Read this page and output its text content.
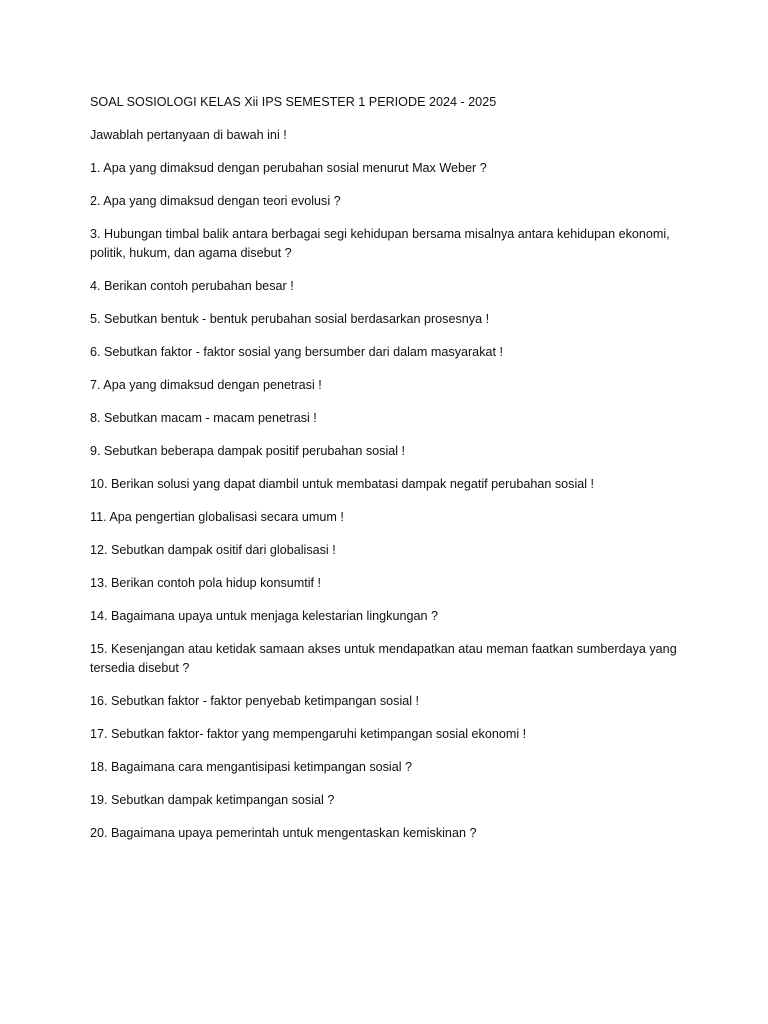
SOAL SOSIOLOGI KELAS Xii IPS SEMESTER 1 PERIODE 2024 - 2025

Jawablah pertanyaan di bawah ini !

1. Apa yang dimaksud dengan perubahan sosial menurut Max Weber ?

2. Apa yang dimaksud dengan teori evolusi ?

3. Hubungan timbal balik antara berbagai segi kehidupan bersama misalnya antara kehidupan ekonomi, politik, hukum, dan agama disebut ?

4. Berikan contoh perubahan besar !

5. Sebutkan bentuk - bentuk perubahan sosial berdasarkan prosesnya !

6. Sebutkan faktor - faktor sosial yang bersumber dari dalam masyarakat !

7. Apa yang dimaksud dengan penetrasi !

8. Sebutkan macam - macam penetrasi !

9. Sebutkan beberapa dampak positif perubahan sosial !

10. Berikan solusi yang dapat diambil untuk membatasi dampak negatif perubahan sosial !

11. Apa pengertian globalisasi secara umum !

12. Sebutkan dampak ositif dari globalisasi !

13. Berikan contoh pola hidup konsumtif !

14. Bagaimana upaya untuk menjaga kelestarian lingkungan ?

15. Kesenjangan atau ketidak samaan akses untuk mendapatkan atau meman faatkan sumberdaya yang tersedia disebut ?

16. Sebutkan faktor - faktor penyebab ketimpangan sosial !

17. Sebutkan faktor- faktor yang mempengaruhi ketimpangan sosial ekonomi !

18. Bagaimana cara mengantisipasi ketimpangan sosial ?

19. Sebutkan dampak ketimpangan sosial ?

20. Bagaimana upaya pemerintah untuk mengentaskan kemiskinan ?
